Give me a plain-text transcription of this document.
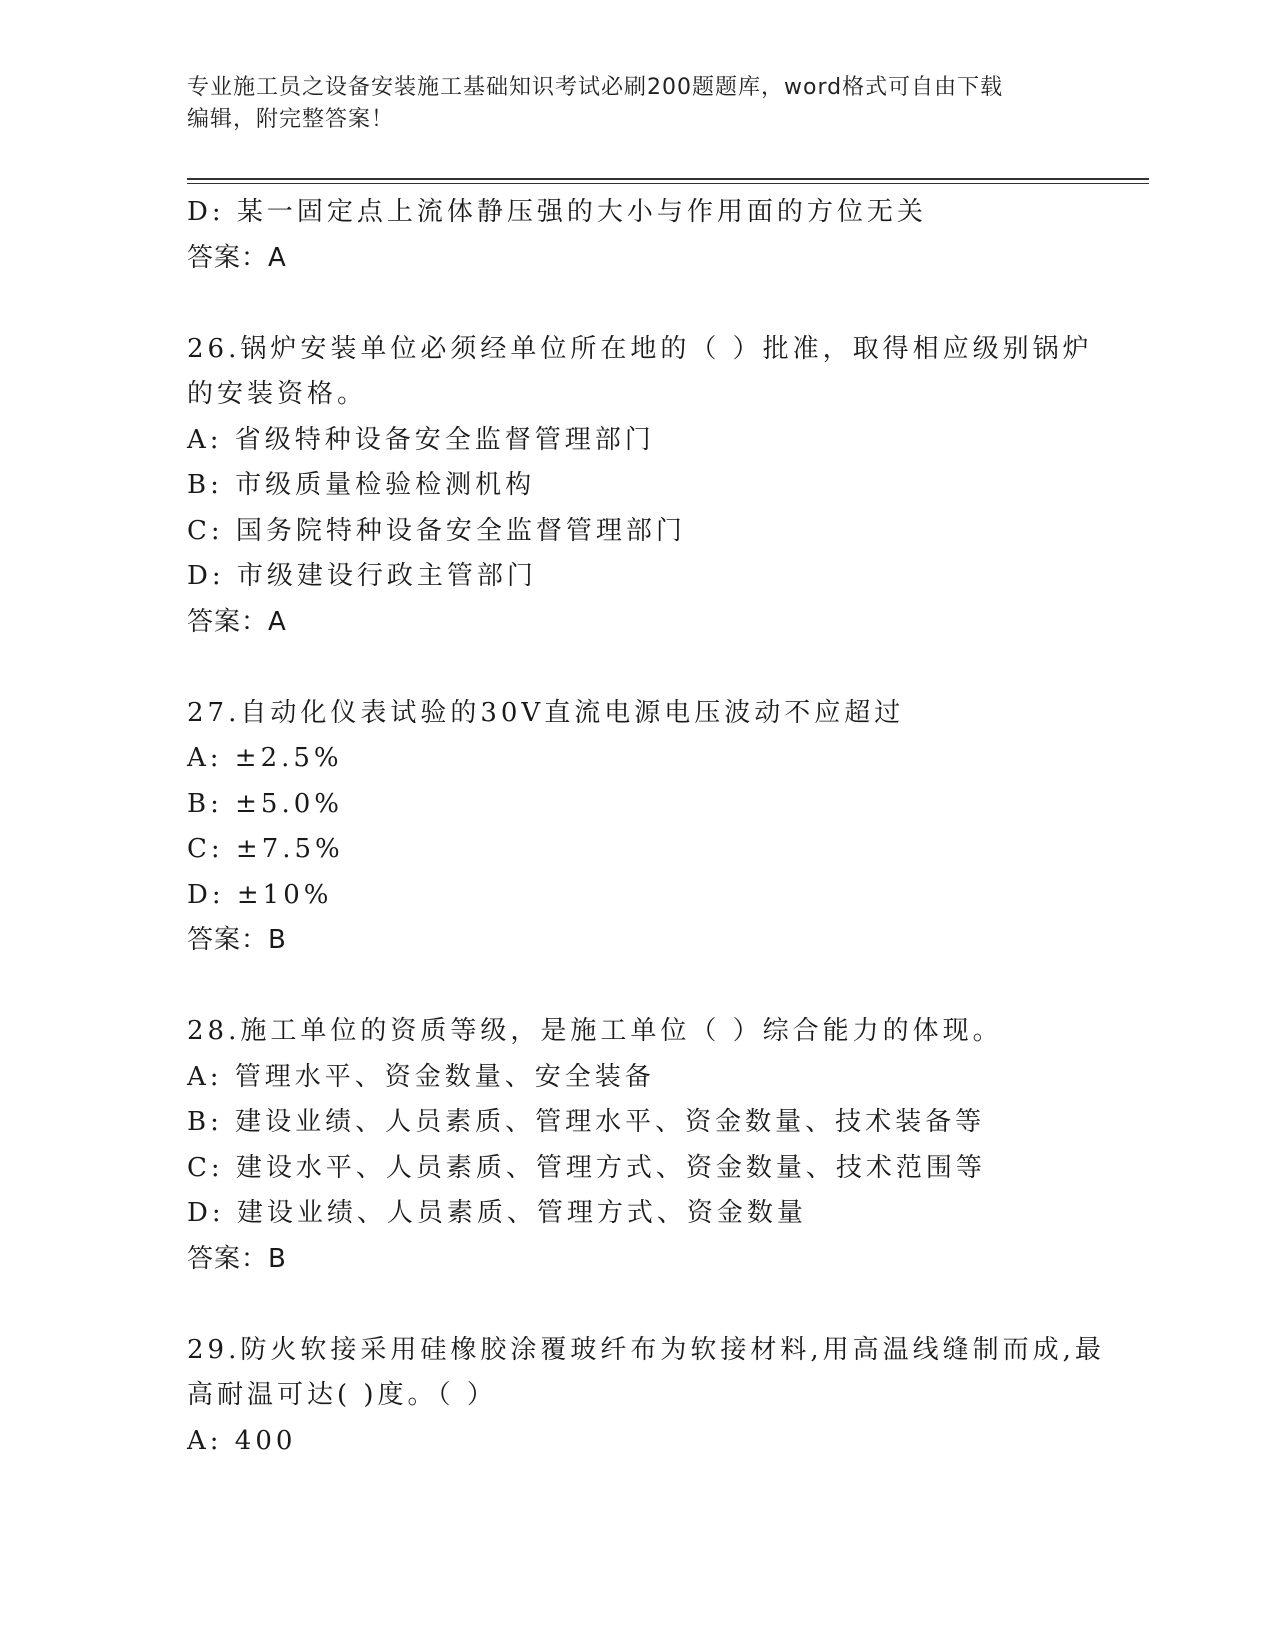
专业施工员之设备安装施工基础知识考试必刷200题题库，word格式可自由下载
编辑，附完整答案！
D: 某一固定点上流体静压强的大小与作用面的方位无关
答案：A
26.锅炉安装单位必须经单位所在地的（ ）批准，取得相应级别锅炉
的安装资格。
A: 省级特种设备安全监督管理部门
B: 市级质量检验检测机构
C: 国务院特种设备安全监督管理部门
D: 市级建设行政主管部门
答案：A
27.自动化仪表试验的30V直流电源电压波动不应超过
A: ±2.5%
B: ±5.0%
C: ±7.5%
D: ±10%
答案：B
28.施工单位的资质等级，是施工单位（ ）综合能力的体现。
A: 管理水平、资金数量、安全装备
B: 建设业绩、人员素质、管理水平、资金数量、技术装备等
C: 建设水平、人员素质、管理方式、资金数量、技术范围等
D: 建设业绩、人员素质、管理方式、资金数量
答案：B
29.防火软接采用硅橡胶涂覆玻纤布为软接材料,用高温线缝制而成,最
高耐温可达( )度。（ ）
A: 400
